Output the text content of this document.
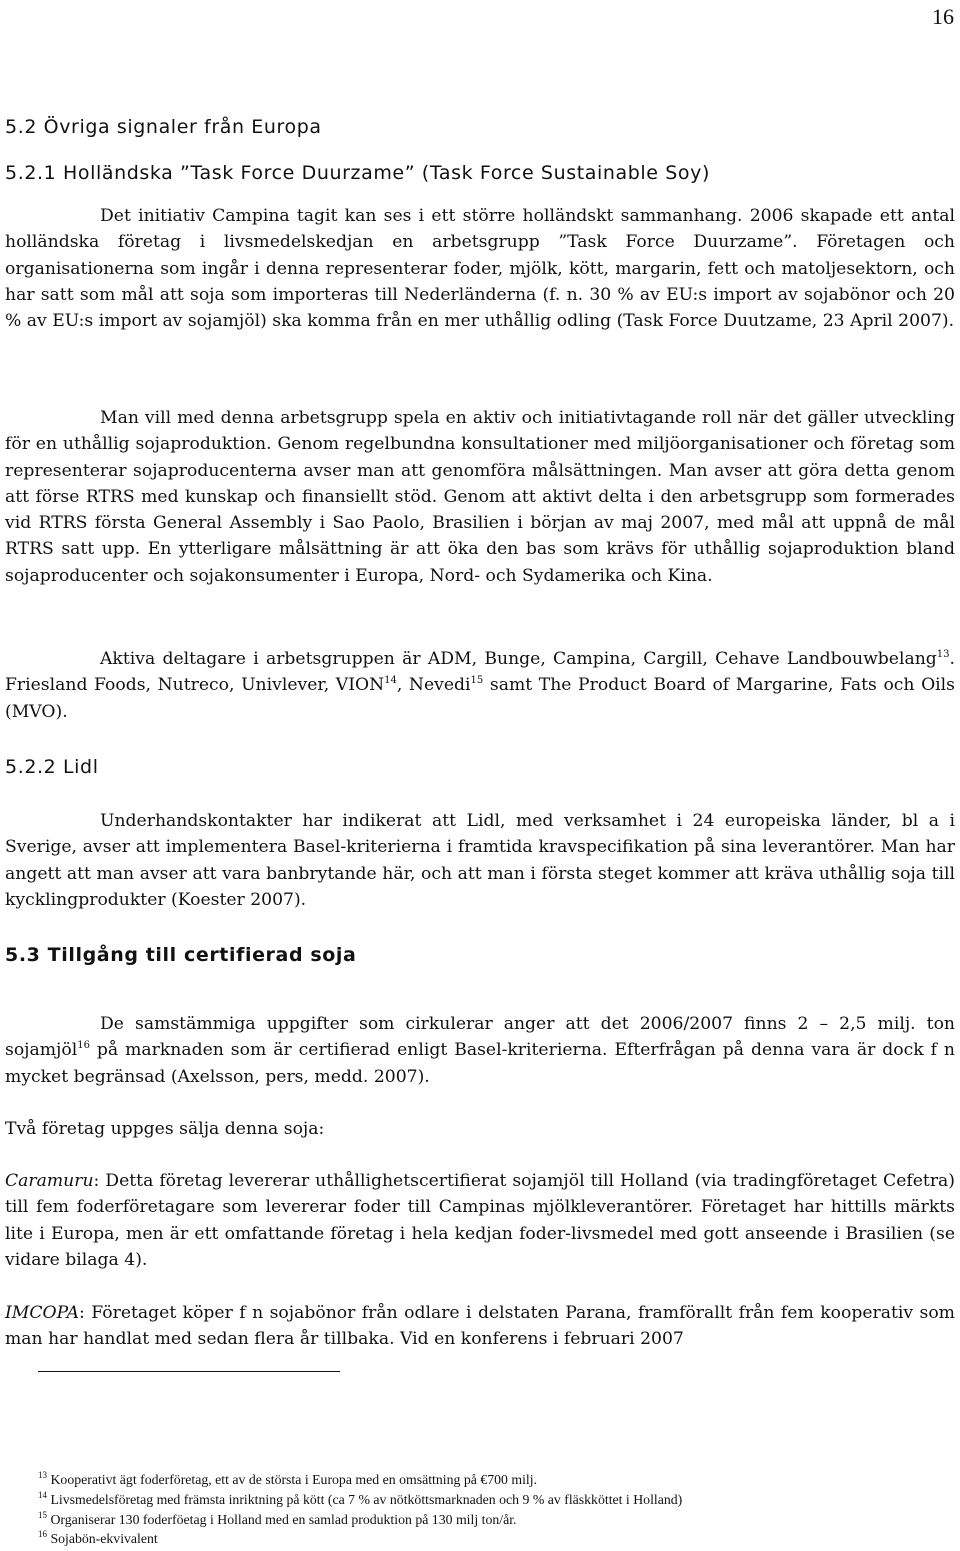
16
5.2 Övriga signaler från Europa
5.2.1 Holländska ”Task Force Duurzame” (Task Force Sustainable Soy)
Det initiativ Campina tagit kan ses i ett större holländskt sammanhang. 2006 skapade ett antal holländska företag i livsmedelskedjan en arbetsgrupp ”Task Force Duurzame”. Företagen och organisationerna som ingår i denna representerar foder, mjölk, kött, margarin, fett och matoljesektorn, och har satt som mål att soja som importeras till Nederländerna (f. n. 30 % av EU:s import av sojabönor och 20 % av EU:s import av sojamjöl) ska komma från en mer uthållig odling (Task Force Duutzame, 23 April 2007).
Man vill med denna arbetsgrupp spela en aktiv och initiativtagande roll när det gäller utveckling för en uthållig sojaproduktion. Genom regelbundna konsultationer med miljöorganisationer och företag som representerar sojaproducenterna avser man att genomföra målsättningen. Man avser att göra detta genom att förse RTRS med kunskap och finansiellt stöd. Genom att aktivt delta i den arbetsgrupp som formerades vid RTRS första General Assembly i Sao Paolo, Brasilien i början av maj 2007, med mål att uppnå de mål RTRS satt upp. En ytterligare målsättning är att öka den bas som krävs för uthållig sojaproduktion bland sojaproducenter och sojakonsumenter i Europa, Nord- och Sydamerika och Kina.
Aktiva deltagare i arbetsgruppen är ADM, Bunge, Campina, Cargill, Cehave Landbouwbelang$^{13}$. Friesland Foods, Nutreco, Univlever, VION$^{14}$, Nevedi$^{15}$ samt The Product Board of Margarine, Fats och Oils (MVO).
5.2.2 Lidl
Underhandskontakter har indikerat att Lidl, med verksamhet i 24 europeiska länder, bl a i Sverige, avser att implementera Basel-kriterierna i framtida kravspecifikation på sina leverantörer. Man har angett att man avser att vara banbrytande här, och att man i första steget kommer att kräva uthållig soja till kycklingprodukter (Koester 2007).
5.3 Tillgång till certifierad soja
De samstämmiga uppgifter som cirkulerar anger att det 2006/2007 finns 2 – 2,5 milj. ton sojamjöl$^{16}$ på marknaden som är certifierad enligt Basel-kriterierna. Efterfrågan på denna vara är dock f n mycket begränsad (Axelsson, pers, medd. 2007).
Två företag uppges sälja denna soja:
Caramuru: Detta företag levererar uthållighetscertifierat sojamjöl till Holland (via tradingföretaget Cefetra) till fem foderföretagare som levererar foder till Campinas mjölkleverantörer. Företaget har hittills märkts lite i Europa, men är ett omfattande företag i hela kedjan foder-livsmedel med gott anseende i Brasilien (se vidare bilaga 4).
IMCOPA: Företaget köper f n sojabönor från odlare i delstaten Parana, framförallt från fem kooperativ som man har handlat med sedan flera år tillbaka. Vid en konferens i februari 2007
$^{13}$ Kooperativt ägt foderföretag, ett av de största i Europa med en omsättning på €700 milj.
$^{14}$ Livsmedelsföretag med främsta inriktning på kött (ca 7 % av nötköttsmarknaden och 9 % av fläskköttet i Holland)
$^{15}$ Organiserar 130 foderföetag i Holland med en samlad produktion på 130 milj ton/år.
$^{16}$ Sojabön-ekvivalent
